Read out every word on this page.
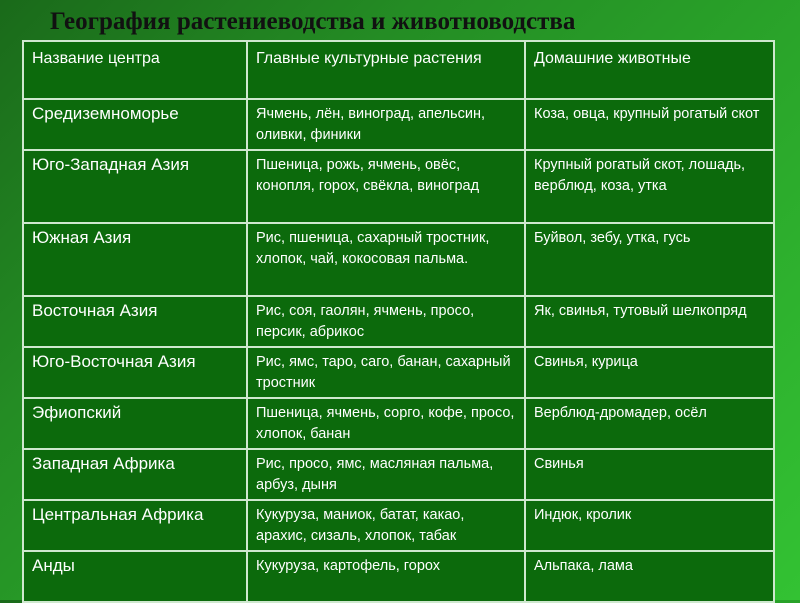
География растениеводства и животноводства
Название центра	Главные культурные растения	Домашние животные
Средиземноморье	Ячмень, лён, виноград, апельсин, оливки, финики	Коза, овца, крупный рогатый скот
Юго-Западная Азия	Пшеница, рожь, ячмень, овёс, конопля, горох, свёкла, виноград	Крупный рогатый скот, лошадь, верблюд, коза, утка
Южная Азия	Рис, пшеница, сахарный тростник, хлопок, чай, кокосовая пальма.	Буйвол, зебу, утка, гусь
Восточная Азия	Рис, соя, гаолян, ячмень, просо, персик, абрикос	Як, свинья, тутовый шелкопряд
Юго-Восточная Азия	Рис, ямс, таро, саго, банан, сахарный тростник	Свинья, курица
Эфиопский	Пшеница, ячмень, сорго, кофе, просо, хлопок, банан	Верблюд-дромадер, осёл
Западная Африка	Рис, просо, ямс, масляная пальма, арбуз, дыня	Свинья
Центральная Африка	Кукуруза, маниок, батат, какао, арахис, сизаль, хлопок, табак	Индюк, кролик
Анды	Кукуруза, картофель, горох	Альпака, лама
